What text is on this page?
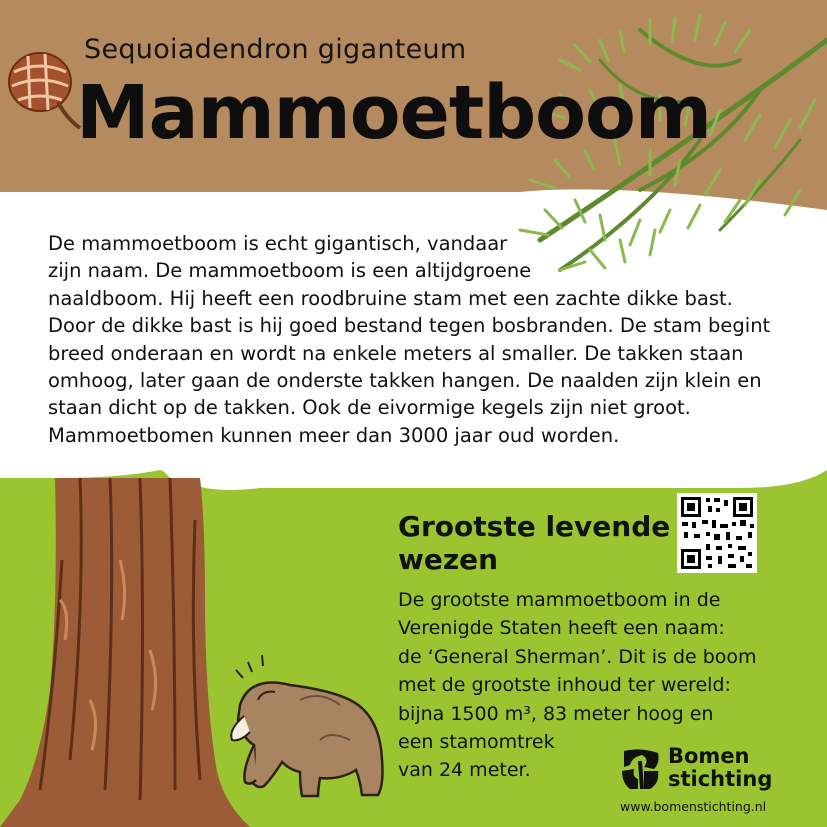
Sequoiadendron giganteum
Mammoetboom
De mammoetboom is echt gigantisch, vandaar
zijn naam. De mammoetboom is een altijdgroene
naaldboom. Hij heeft een roodbruine stam met een zachte dikke bast.
Door de dikke bast is hij goed bestand tegen bosbranden. De stam begint
breed onderaan en wordt na enkele meters al smaller. De takken staan
omhoog, later gaan de onderste takken hangen. De naalden zijn klein en
staan dicht op de takken. Ook de eivormige kegels zijn niet groot.
Mammoetbomen kunnen meer dan 3000 jaar oud worden.
Grootste levende
wezen
De grootste mammoetboom in de
Verenigde Staten heeft een naam:
de ‘General Sherman’. Dit is de boom
met de grootste inhoud ter wereld:
bijna 1500 m³, 83 meter hoog en
een stamomtrek
van 24 meter.
Bomen
stichting
www.bomenstichting.nl
